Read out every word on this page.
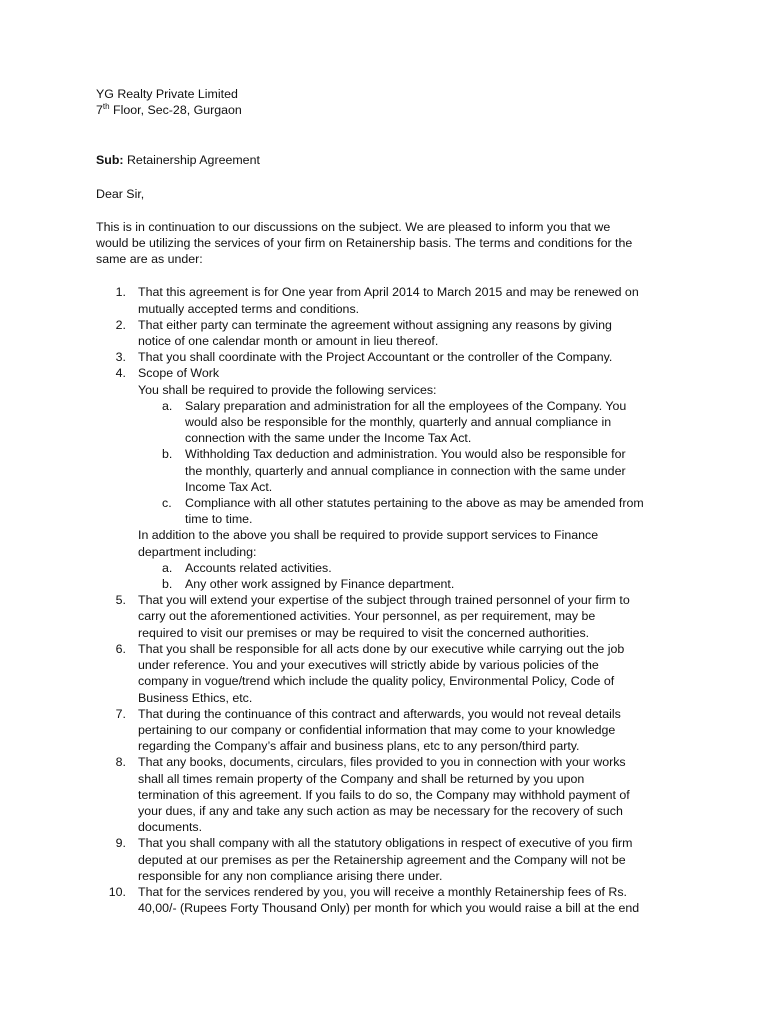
YG Realty Private Limited
7th Floor, Sec-28, Gurgaon
Sub: Retainership Agreement
Dear Sir,
This is in continuation to our discussions on the subject. We are pleased to inform you that we
would be utilizing the services of your firm on Retainership basis. The terms and conditions for the
same are as under:
1. That this agreement is for One year from April 2014 to March 2015 and may be renewed on
mutually accepted terms and conditions.
2. That either party can terminate the agreement without assigning any reasons by giving
notice of one calendar month or amount in lieu thereof.
3. That you shall coordinate with the Project Accountant or the controller of the Company.
4. Scope of Work
You shall be required to provide the following services:
a. Salary preparation and administration for all the employees of the Company. You
would also be responsible for the monthly, quarterly and annual compliance in
connection with the same under the Income Tax Act.
b. Withholding Tax deduction and administration. You would also be responsible for
the monthly, quarterly and annual compliance in connection with the same under
Income Tax Act.
c. Compliance with all other statutes pertaining to the above as may be amended from
time to time.
In addition to the above you shall be required to provide support services to Finance
department including:
a. Accounts related activities.
b. Any other work assigned by Finance department.
5. That you will extend your expertise of the subject through trained personnel of your firm to
carry out the aforementioned activities. Your personnel, as per requirement, may be
required to visit our premises or may be required to visit the concerned authorities.
6. That you shall be responsible for all acts done by our executive while carrying out the job
under reference. You and your executives will strictly abide by various policies of the
company in vogue/trend which include the quality policy, Environmental Policy, Code of
Business Ethics, etc.
7. That during the continuance of this contract and afterwards, you would not reveal details
pertaining to our company or confidential information that may come to your knowledge
regarding the Company’s affair and business plans, etc to any person/third party.
8. That any books, documents, circulars, files provided to you in connection with your works
shall all times remain property of the Company and shall be returned by you upon
termination of this agreement. If you fails to do so, the Company may withhold payment of
your dues, if any and take any such action as may be necessary for the recovery of such
documents.
9. That you shall company with all the statutory obligations in respect of executive of you firm
deputed at our premises as per the Retainership agreement and the Company will not be
responsible for any non compliance arising there under.
10. That for the services rendered by you, you will receive a monthly Retainership fees of Rs.
40,00/- (Rupees Forty Thousand Only) per month for which you would raise a bill at the end
